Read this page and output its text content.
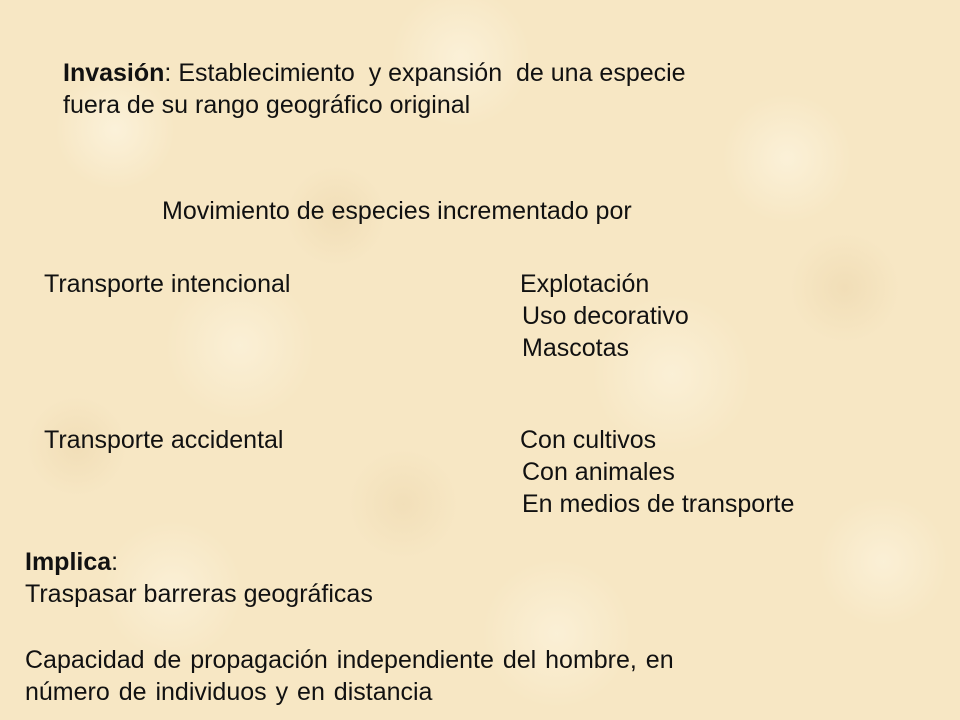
Invasión: Establecimiento  y expansión  de una especie
fuera de su rango geográfico original

Movimiento de especies incrementado por

Transporte intencional	Explotación
Uso decorativo
Mascotas

Transporte accidental	Con cultivos
Con animales
En medios de transporte
Implica:
Traspasar barreras geográficas
Capacidad de propagación independiente del hombre, en
número de individuos y en distancia
